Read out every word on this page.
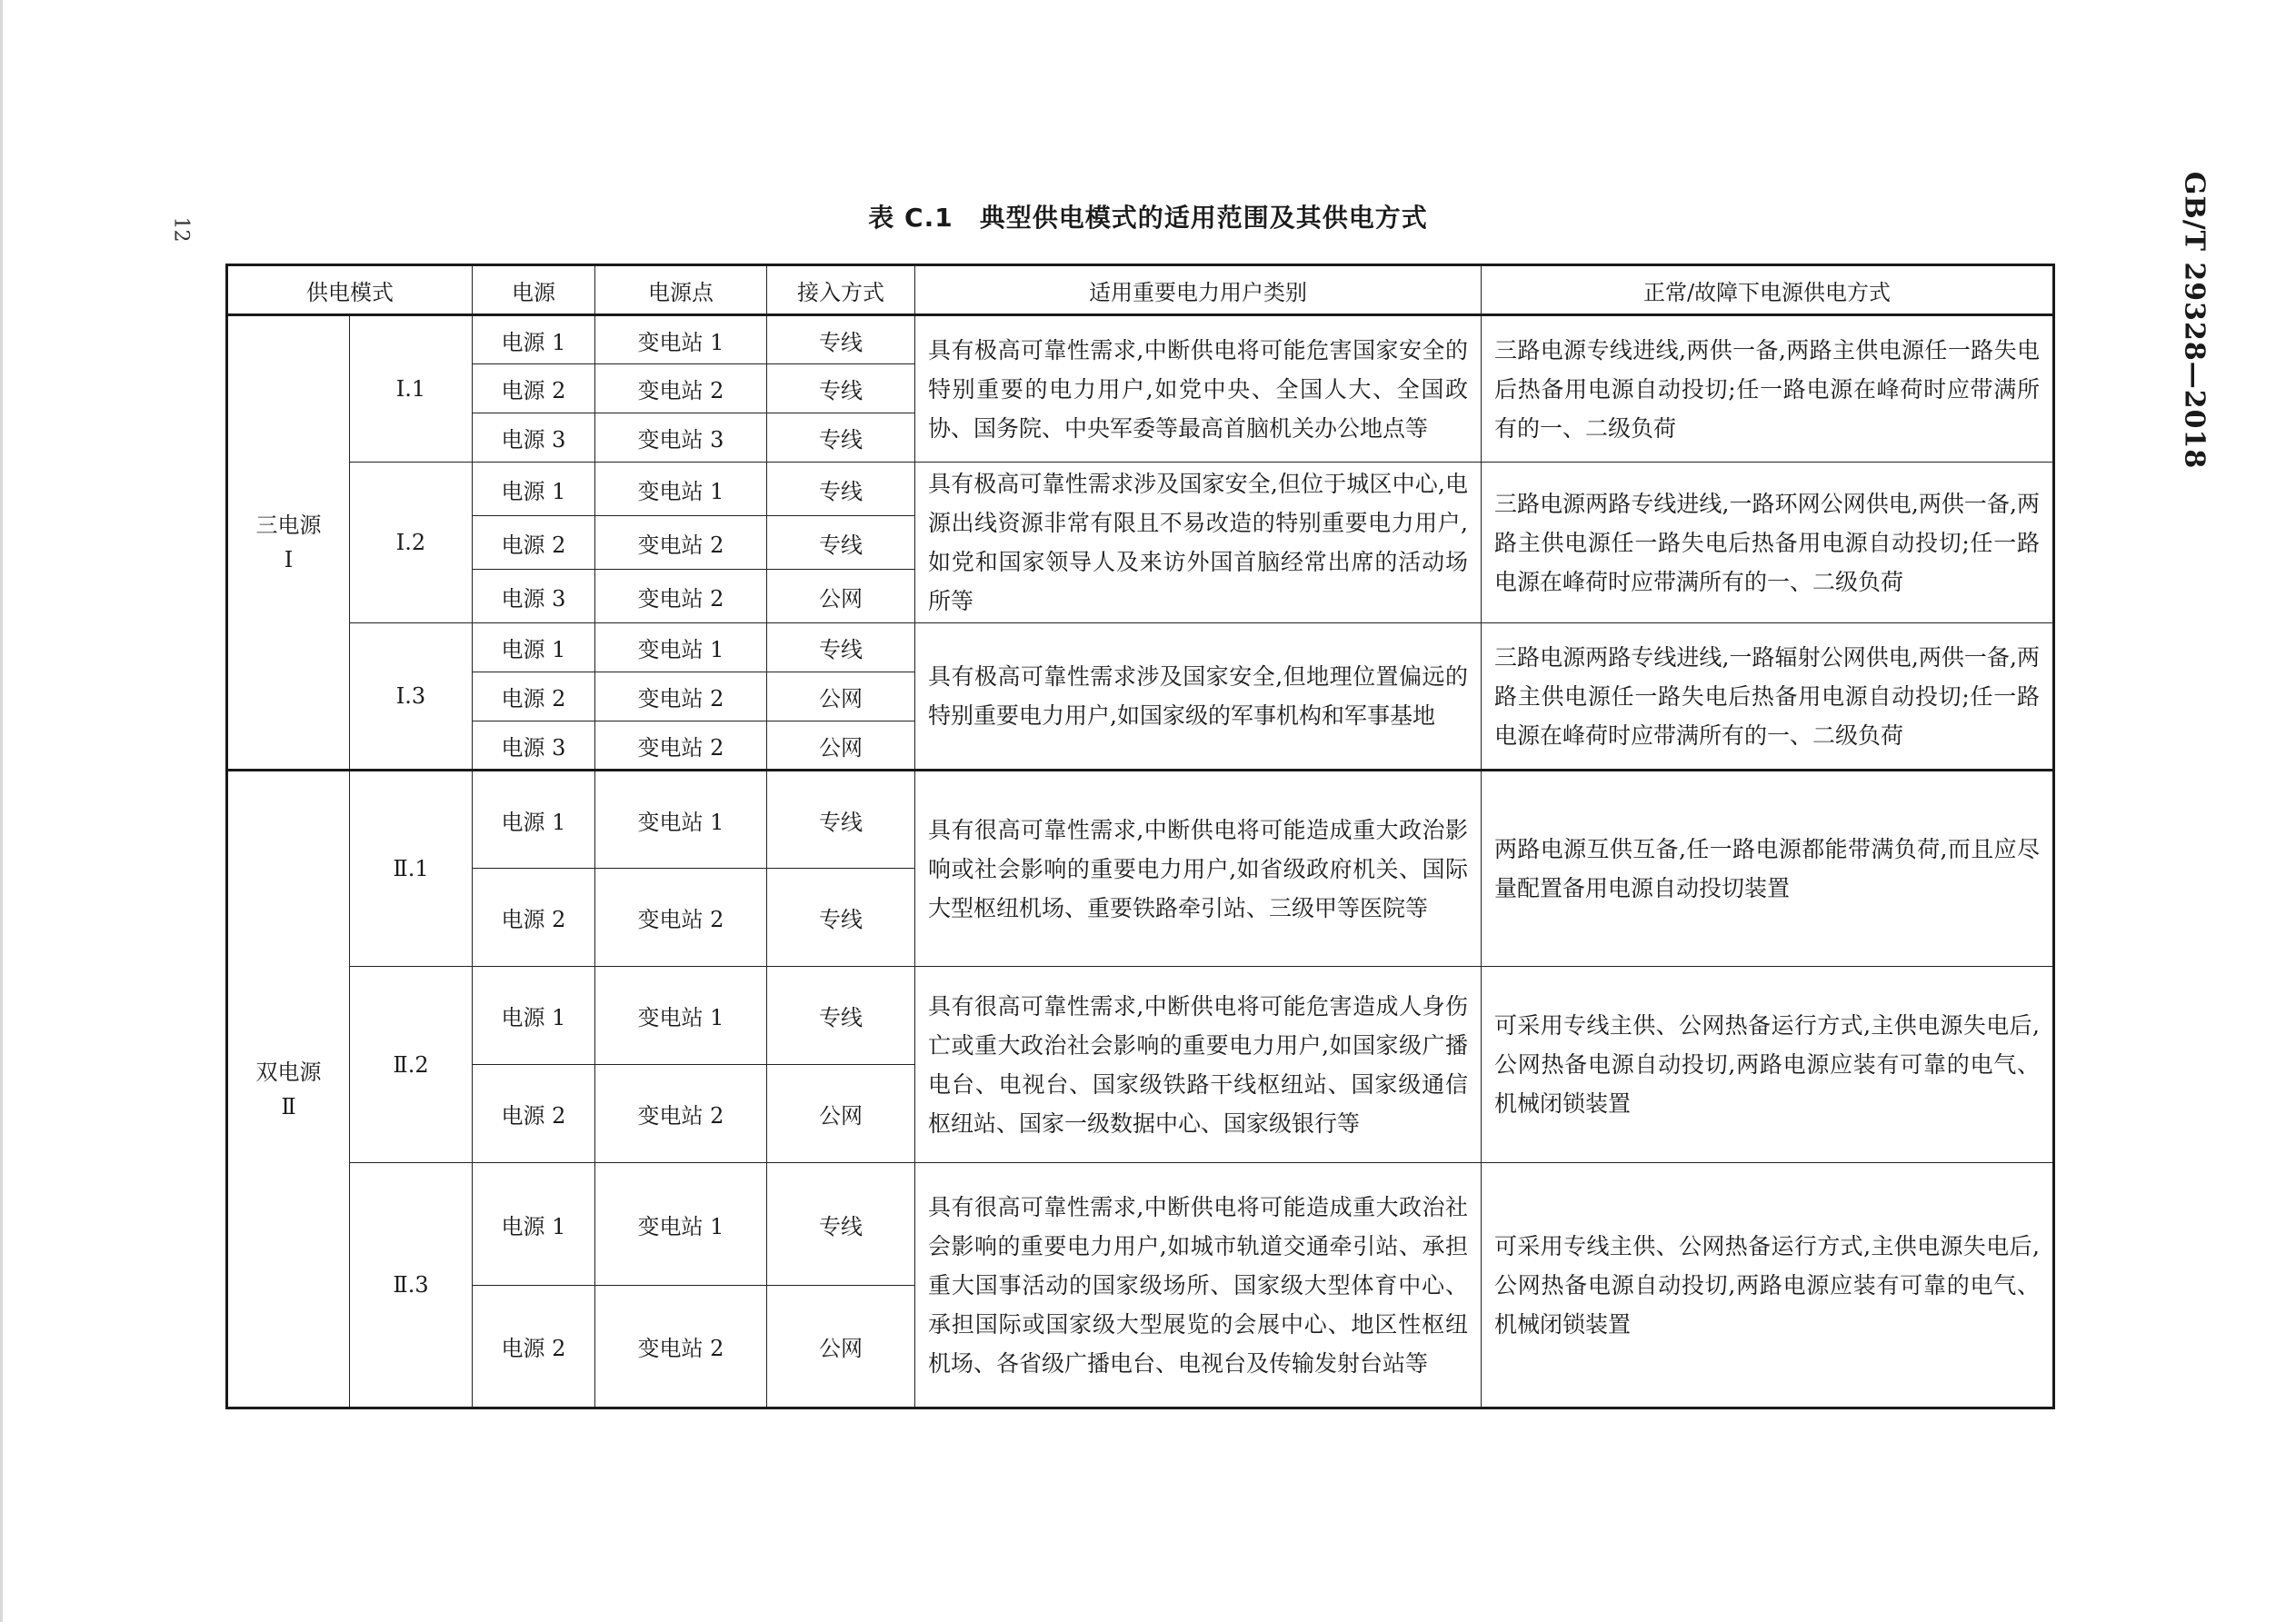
12	GB/T 29328—2018
表 C.1　典型供电模式的适用范围及其供电方式
供电模式		电源	电源点	接入方式	适用重要电力用户类别	正常/故障下电源供电方式

三电源
Ⅰ	Ⅰ.1	电源 1	变电站 1	专线	具有极高可靠性需求,中断供电将可能危害国家安全的特别重要的电力用户,如党中央、全国人大、全国政协、国务院、中央军委等最高首脑机关办公地点等	三路电源专线进线,两供一备,两路主供电源任一路失电后热备用电源自动投切;任一路电源在峰荷时应带满所有的一、二级负荷
		电源 2	变电站 2	专线		
		电源 3	变电站 3	专线		
	Ⅰ.2	电源 1	变电站 1	专线	具有极高可靠性需求涉及国家安全,但位于城区中心,电源出线资源非常有限且不易改造的特别重要电力用户,如党和国家领导人及来访外国首脑经常出席的活动场所等	三路电源两路专线进线,一路环网公网供电,两供一备,两路主供电源任一路失电后热备用电源自动投切;任一路电源在峰荷时应带满所有的一、二级负荷
		电源 2	变电站 2	专线		
		电源 3	变电站 2	公网		
	Ⅰ.3	电源 1	变电站 1	专线	具有极高可靠性需求涉及国家安全,但地理位置偏远的特别重要电力用户,如国家级的军事机构和军事基地	三路电源两路专线进线,一路辐射公网供电,两供一备,两路主供电源任一路失电后热备用电源自动投切;任一路电源在峰荷时应带满所有的一、二级负荷
		电源 2	变电站 2	公网		
		电源 3	变电站 2	公网		

双电源
Ⅱ	Ⅱ.1	电源 1	变电站 1	专线	具有很高可靠性需求,中断供电将可能造成重大政治影响或社会影响的重要电力用户,如省级政府机关、国际大型枢纽机场、重要铁路牵引站、三级甲等医院等	两路电源互供互备,任一路电源都能带满负荷,而且应尽量配置备用电源自动投切装置
		电源 2	变电站 2	专线		
	Ⅱ.2	电源 1	变电站 1	专线	具有很高可靠性需求,中断供电将可能危害造成人身伤亡或重大政治社会影响的重要电力用户,如国家级广播电台、电视台、国家级铁路干线枢纽站、国家级通信枢纽站、国家一级数据中心、国家级银行等	可采用专线主供、公网热备运行方式,主供电源失电后,公网热备电源自动投切,两路电源应装有可靠的电气、机械闭锁装置
		电源 2	变电站 2	公网		
	Ⅱ.3	电源 1	变电站 1	专线	具有很高可靠性需求,中断供电将可能造成重大政治社会影响的重要电力用户,如城市轨道交通牵引站、承担重大国事活动的国家级场所、国家级大型体育中心、承担国际或国家级大型展览的会展中心、地区性枢纽机场、各省级广播电台、电视台及传输发射台站等	可采用专线主供、公网热备运行方式,主供电源失电后,公网热备电源自动投切,两路电源应装有可靠的电气、机械闭锁装置
		电源 2	变电站 2	公网		
